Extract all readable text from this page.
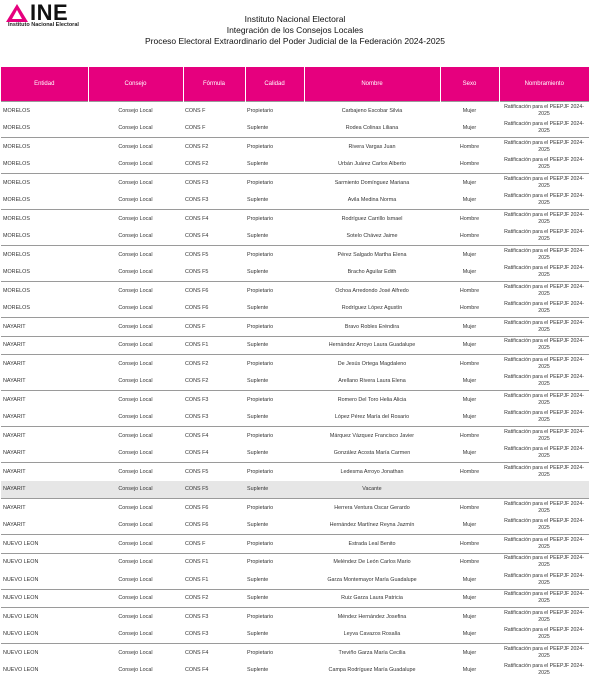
INE
Instituto Nacional Electoral
Instituto Nacional Electoral
Integración de los Consejos Locales
Proceso Electoral Extraordinario del Poder Judicial de la Federación 2024-2025
Entidad	Consejo	Fórmula	Calidad	Nombre	Sexo	Nombramiento
MORELOS	Consejo Local	CONS F	Propietario	Carbajeno Escobar Silvia	Mujer	Ratificación para el PEEPJF 2024-2025
MORELOS	Consejo Local	CONS F	Suplente	Rodea Colinas Liliana	Mujer	Ratificación para el PEEPJF 2024-2025
MORELOS	Consejo Local	CONS F2	Propietario	Rivera Vargas Juan	Hombre	Ratificación para el PEEPJF 2024-2025
MORELOS	Consejo Local	CONS F2	Suplente	Urbán Juárez Carlos Alberto	Hombre	Ratificación para el PEEPJF 2024-2025
MORELOS	Consejo Local	CONS F3	Propietario	Sarmiento Domínguez Mariana	Mujer	Ratificación para el PEEPJF 2024-2025
MORELOS	Consejo Local	CONS F3	Suplente	Avila Medina Norma	Mujer	Ratificación para el PEEPJF 2024-2025
MORELOS	Consejo Local	CONS F4	Propietario	Rodríguez Carrillo Ismael	Hombre	Ratificación para el PEEPJF 2024-2025
MORELOS	Consejo Local	CONS F4	Suplente	Sotelo Chávez Jaime	Hombre	Ratificación para el PEEPJF 2024-2025
MORELOS	Consejo Local	CONS F5	Propietario	Pérez Salgado Martha Elena	Mujer	Ratificación para el PEEPJF 2024-2025
MORELOS	Consejo Local	CONS F5	Suplente	Bracho Aguilar Edith	Mujer	Ratificación para el PEEPJF 2024-2025
MORELOS	Consejo Local	CONS F6	Propietario	Ochoa Arredondo José Alfredo	Hombre	Ratificación para el PEEPJF 2024-2025
MORELOS	Consejo Local	CONS F6	Suplente	Rodríguez López Agustín	Hombre	Ratificación para el PEEPJF 2024-2025
NAYARIT	Consejo Local	CONS F	Propietario	Bravo Robles Eréndira	Mujer	Ratificación para el PEEPJF 2024-2025
NAYARIT	Consejo Local	CONS F1	Suplente	Hernández Arroyo Laura Guadalupe	Mujer	Ratificación para el PEEPJF 2024-2025
NAYARIT	Consejo Local	CONS F2	Propietario	De Jesús Ortega Magdaleno	Hombre	Ratificación para el PEEPJF 2024-2025
NAYARIT	Consejo Local	CONS F2	Suplente	Arellano Rivera Laura Elena	Mujer	Ratificación para el PEEPJF 2024-2025
NAYARIT	Consejo Local	CONS F3	Propietario	Romero Del Toro Helia Alicia	Mujer	Ratificación para el PEEPJF 2024-2025
NAYARIT	Consejo Local	CONS F3	Suplente	López Pérez María del Rosario	Mujer	Ratificación para el PEEPJF 2024-2025
NAYARIT	Consejo Local	CONS F4	Propietario	Márquez Vázquez Francisco Javier	Hombre	Ratificación para el PEEPJF 2024-2025
NAYARIT	Consejo Local	CONS F4	Suplente	González Acosta María Carmen	Mujer	Ratificación para el PEEPJF 2024-2025
NAYARIT	Consejo Local	CONS F5	Propietario	Ledesma Arroyo Jonathan	Hombre	Ratificación para el PEEPJF 2024-2025
NAYARIT	Consejo Local	CONS F5	Suplente	Vacante		
NAYARIT	Consejo Local	CONS F6	Propietario	Herrera Ventura Oscar Gerardo	Hombre	Ratificación para el PEEPJF 2024-2025
NAYARIT	Consejo Local	CONS F6	Suplente	Hernández Martínez Reyna Jazmín	Mujer	Ratificación para el PEEPJF 2024-2025
NUEVO LEON	Consejo Local	CONS F	Propietario	Estrada Leal Benito	Hombre	Ratificación para el PEEPJF 2024-2025
NUEVO LEON	Consejo Local	CONS F1	Propietario	Meléndez De León Carlos Mario	Hombre	Ratificación para el PEEPJF 2024-2025
NUEVO LEON	Consejo Local	CONS F1	Suplente	Garza Montemayor María Guadalupe	Mujer	Ratificación para el PEEPJF 2024-2025
NUEVO LEON	Consejo Local	CONS F2	Suplente	Ruiz Garza Laura Patricia	Mujer	Ratificación para el PEEPJF 2024-2025
NUEVO LEON	Consejo Local	CONS F3	Propietario	Méndez Hernández Josefina	Mujer	Ratificación para el PEEPJF 2024-2025
NUEVO LEON	Consejo Local	CONS F3	Suplente	Leyva Cavazos Rosalía	Mujer	Ratificación para el PEEPJF 2024-2025
NUEVO LEON	Consejo Local	CONS F4	Propietario	Treviño Garza María Cecilia	Mujer	Ratificación para el PEEPJF 2024-2025
NUEVO LEON	Consejo Local	CONS F4	Suplente	Campa Rodríguez María Guadalupe	Mujer	Ratificación para el PEEPJF 2024-2025
